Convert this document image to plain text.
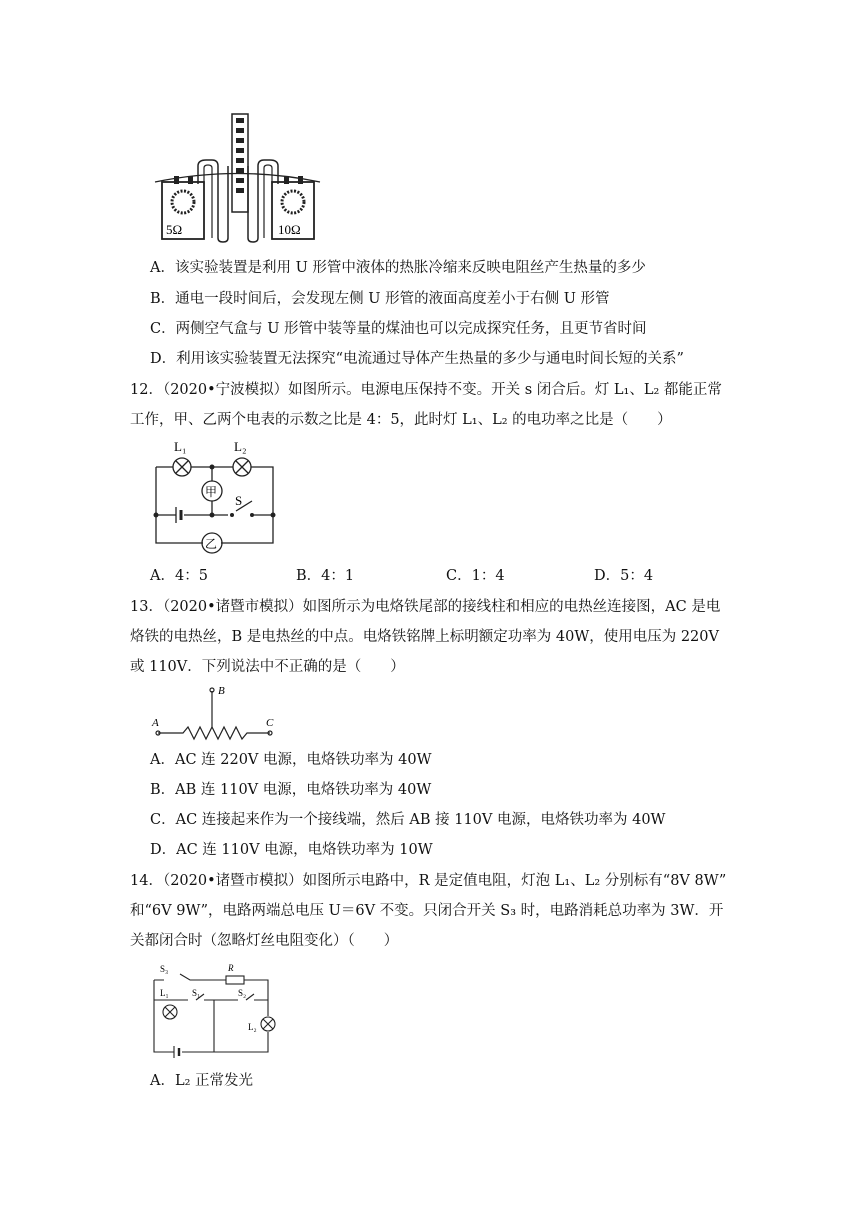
5Ω	10Ω
A．该实验装置是利用 U 形管中液体的热胀冷缩来反映电阻丝产生热量的多少
B．通电一段时间后，会发现左侧 U 形管的液面高度差小于右侧 U 形管
C．两侧空气盒与 U 形管中装等量的煤油也可以完成探究任务，且更节省时间
D．利用该实验装置无法探究“电流通过导体产生热量的多少与通电时间长短的关系”
12．（2020•宁波模拟）如图所示。电源电压保持不变。开关 s 闭合后。灯 L₁、L₂ 都能正常
工作，甲、乙两个电表的示数之比是 4：5，此时灯 L₁、L₂ 的电功率之比是（　　）
L₁	L₂
甲
乙
S
A．4：5	B．4：1	C．1：4	D．5：4
13．（2020•诸暨市模拟）如图所示为电烙铁尾部的接线柱和相应的电热丝连接图，AC 是电
烙铁的电热丝，B 是电热丝的中点。电烙铁铭牌上标明额定功率为 40W，使用电压为 220V
或 110V．下列说法中不正确的是（　　）
A
B
C
A．AC 连 220V 电源，电烙铁功率为 40W
B．AB 连 110V 电源，电烙铁功率为 40W
C．AC 连接起来作为一个接线端，然后 AB 接 110V 电源，电烙铁功率为 40W
D．AC 连 110V 电源，电烙铁功率为 10W
14．（2020•诸暨市模拟）如图所示电路中，R 是定值电阻，灯泡 L₁、L₂ 分别标有“8V 8W”
和“6V 9W”，电路两端总电压 U＝6V 不变。只闭合开关 S₃ 时，电路消耗总功率为 3W．开
关都闭合时（忽略灯丝电阻变化）（　　）
S₃	R
L₁	S₁	S₂
L₂
A．L₂ 正常发光
